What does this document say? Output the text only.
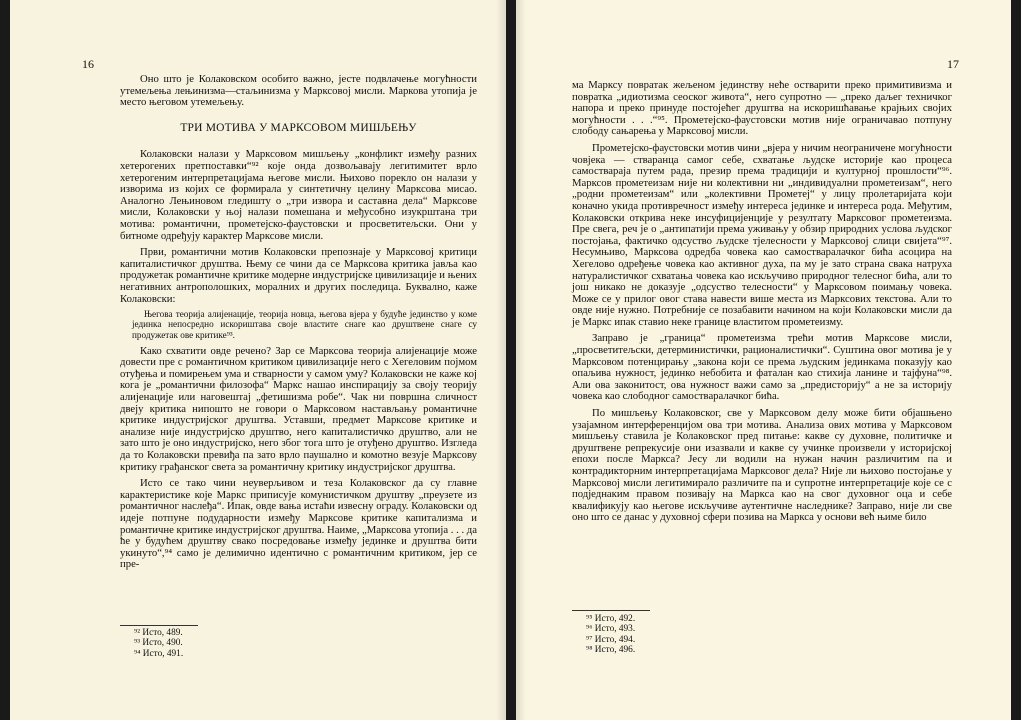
16

Оно што је Колаковском особито важно, јесте подвлачење могућности утемељења лењинизма—стаљинизма у Марксовој мисли. Маркова утопија је место његовом утемељењу.

ТРИ МОТИВА У МАРКСОВОМ МИШЉЕЊУ

Колаковски налази у Марксовом мишљењу „конфликт између разних хетерогених претпоставки“⁹² које онда дозвољавају легитимитет врло хетерогеним интерпретацијама његове мисли. Њихово порекло он налази у изворима из којих се формирала у синтетичну целину Марксова мисао. Аналогно Лењиновом гледишту о „три извора и саставна дела“ Марксове мисли, Колаковски у њој налази помешана и међусобно изукрштана три мотива: романтични, прометејско-фаустовски и просветитељски. Они у битноме одређују карактер Марксове мисли.

Први, романтични мотив Колаковски препознаје у Марксовој критици капиталистичког друштва. Њему се чини да се Марксова критика јавља као продужетак романтичне критике модерне индустријске цивилизације и њених негативних антрополошких, моралних и других последица. Буквално, каже Колаковски:

Његова теорија алијенације, теорија новца, његова вјера у будуће јединство у коме јединка непосредно искориштава своје властите снаге као друштвене снаге су продужетак ове критике⁹³.

Како схватити овде речено? Зар се Марксова теорија алијенације може довести пре с романтичном критиком цивилизације него с Хегеловим појмом отуђења и помирењем ума и стварности у самом уму? Колаковски не каже кој кога је „романтични филозофа“ Маркс нашао инспирацију за своју теорију алијенације или наговештај „фетишизма робе“. Чак ни површна сличност двеју критика нипошто не говори о Марксовом настављању романтичне критике индустријског друштва. Уставши, предмет Марксове критике и анализе није индустријско друштво, него капиталистичко друштво, али не зато што је оно индустријско, него због тога што је отуђено друштво. Изгледа да то Колаковски превиђа па зато врло паушално и комотно везује Марксову критику грађанског света за романтичну критику индустријског друштва.

Исто се тако чини неуверљивом и теза Колаковског да су главне карактеристике које Маркс приписује комунистичком друштву „преузете из романтичног наслеђа“. Ипак, овде вања истаћи извесну ограду. Колаковски од идеје потпуне подударности између Марксове критике капитализма и романтичне критике индустријског друштва. Наиме, „Марксова утопија . . . да ће у будућем друштву свако посредовање између јединке и друштва бити укинуто“,⁹⁴ само је делимично идентично с романтичним критиком, јер се пре-

⁹² Исто, 489.
⁹³ Исто, 490.
⁹⁴ Исто, 491.
17

ма Марксу повратак жељеном јединству неће остварити преко примитивизма и повратка „идиотизма сеоског живота“, него супротно — „преко даљег техничког напора и преко принуде постојећег друштва на искоришћавање крајњих својих могућности . . .“⁹⁵. Прометејско-фаустовски мотив није ограничавао потпуну слободу сањарења у Марксовој мисли.

Прометејско-фаустовски мотив чини „вјера у ничим неограничене могућности човјека — стваранца самог себе, схватање људске историје као процеса самоствараја путем рада, презир према традицији и културној прошлости“⁹⁶. Марксов прометеизам није ни колективни ни „индивидуални прометеизам“, него „родни прометеизам“ или „колективни Прометеј“ у лицу пролетаријата који коначно укида противречност између интереса јединке и интереса рода. Међутим, Колаковски открива неке инсуфицијенције у резултату Марксовог прометеизма. Пре свега, реч је о „антипатији према уживању у обзир природних услова људског постојања, фактичко одсуство људске тјелесности у Марксовој слици свијета“⁹⁷. Несумњиво, Марксова одредба човека као самостваралачког бића асоцира на Хегелово одређење човека као активног духа, па му је зато страна свака натруха натуралистичког схватања човека као искључиво природног телесног бића, али то још никако не доказује „одсуство телесности“ у Марксовом поимању човека. Може се у прилог овог става навести више места из Марксових текстова. Али то овде није нужно. Потребније се позабавити начином на који Колаковски мисли да је Маркс ипак ставио неке границе властитом прометеизму.

Заправо је „граница“ прометеизма трећи мотив Марксове мисли, „просветитељски, детерминистички, рационалистички“. Суштина овог мотива је у Марксовом потенцирању „закона који се према људским јединкама показују као опаљива нужност, јединко небобита и фаталан као стихија ланине и тајфуна“⁹⁸. Али ова законитост, ова нужност важи само за „предисторију“ а не за историју човека као слободног самостваралачког бића.

По мишљењу Колаковског, све у Марксовом делу може бити објашњено узајамном интерференцијом ова три мотива. Анализа ових мотива у Марксовом мишљењу ставила је Колаковског пред питање: какве су духовне, политичке и друштвене репрекусије они изазвали и какве су учинке произвели у историјској епохи после Маркса? Јесу ли водили на нужан начин различитим па и контрадикторним интерпретацијама Марксовог дела? Није ли њихово постојање у Марксовој мисли легитимирало различите па и супротне интерпретације које се с подједнаким правом позивају на Маркса као на свог духовног оца и себе квалификују као његове искључиве аутентичне наследнике? Заправо, није ли све оно што се данас у духовној сфери позива на Маркса у основи већ њиме било

⁹⁵ Исто, 492.
⁹⁶ Исто, 493.
⁹⁷ Исто, 494.
⁹⁸ Исто, 496.
